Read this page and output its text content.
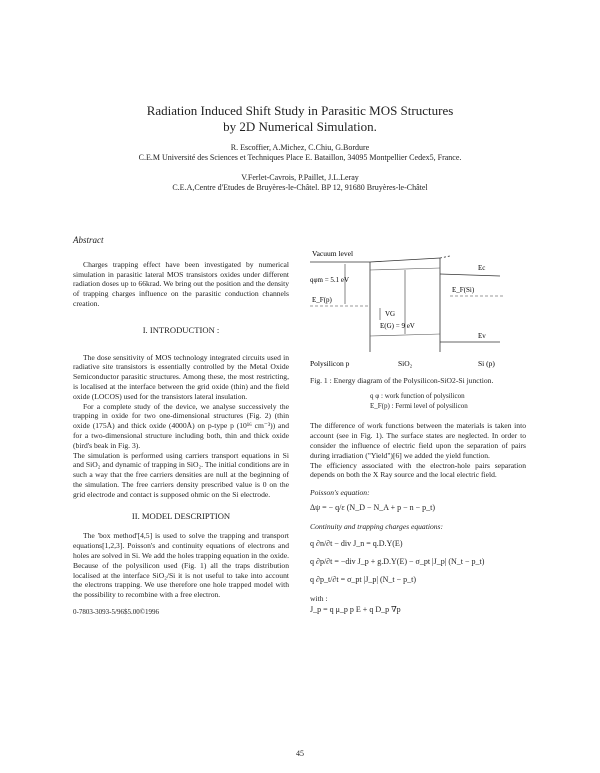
Radiation Induced Shift Study in Parasitic MOS Structures
by 2D Numerical Simulation.
R. Escoffier, A.Michez, C.Chiu, G.Bordure
C.E.M Université des Sciences et Techniques Place E. Bataillon, 34095 Montpellier Cedex5, France.
V.Ferlet-Cavrois, P.Paillet, J.L.Leray
C.E.A,Centre d'Etudes de Bruyères-le-Châtel. BP 12, 91680 Bruyères-le-Châtel

Abstract

Charges trapping effect have been investigated by numerical simulation in parasitic lateral MOS transistors oxides under different radiation doses up to 66krad. We bring out the position and the density of trapping charges influence on the parasitic conduction channels creation.

I. INTRODUCTION :

The dose sensitivity of MOS technology integrated circuits used in radiative site transistors is essentially controlled by the Metal Oxide Semiconductor parasitic structures. Among these, the most restricting, is localised at the interface between the grid oxide (thin) and the field oxide (LOCOS) used for the transistors lateral insulation.

For a complete study of the device, we analyse successively the trapping in oxide for two one-dimensional structures (Fig. 2) (thin oxide (175Å) and thick oxide (4000Å) on p-type p (10¹⁶ cm⁻³)) and for a two-dimensional structure including both, thin and thick oxide (bird's beak in Fig. 3).

The simulation is performed using carriers transport equations in Si and SiO₂ and dynamic of trapping in SiO₂. The initial conditions are in such a way that the free carriers densities are null at the beginning of the simulation. The free carriers density prescribed value is 0 on the grid electrode and contact is supposed ohmic on the Si electrode.

II. MODEL DESCRIPTION

The 'box method'[4,5] is used to solve the trapping and transport equations[1,2,3]. Poisson's and continuity equations of electrons and holes are solved in Si. We add the holes trapping equation in the oxide. Because of the polysilicon used (Fig. 1) all the traps distribution localised at the interface SiO₂/Si it is not useful to take into account the electrons trapping. We use therefore one hole trapped model with the possibility to recombine with a free electron.

0-7803-3093-5/96$5.00©1996

Vacuum level
Ec
qφm = 5.1 eV
E_F(Si)
E_F(p)
VG
E(G) = 9 eV
Ev
Polysilicon p	SiO₂	Si (p)

Fig. 1 : Energy diagram of the Polysilicon-SiO2-Si junction.

q φ : work function of polysilicon

E_F(p) : Fermi level of polysilicon

The difference of work functions between the materials is taken into account (see in Fig. 1). The surface states are neglected. In order to consider the influence of electric field upon the separation of pairs during irradiation ("Yield")[6] we added the yield function.

The efficiency associated with the electron-hole pairs separation depends on both the X Ray source and the local electric field.

Poisson's equation:

Δψ = − q/ε (N_D − N_A + p − n − p_t)

Continuity and trapping charges equations:

q ∂n/∂t − div J_n = q.D.Y(E)

q ∂p/∂t = −div J_p + g.D.Y(E) − σ_pt |J_p| (N_t − p_t)

q ∂p_t/∂t = σ_pt |J_p| (N_t − p_t)

with :

J_p = q μ_p p E + q D_p ∇p

45
